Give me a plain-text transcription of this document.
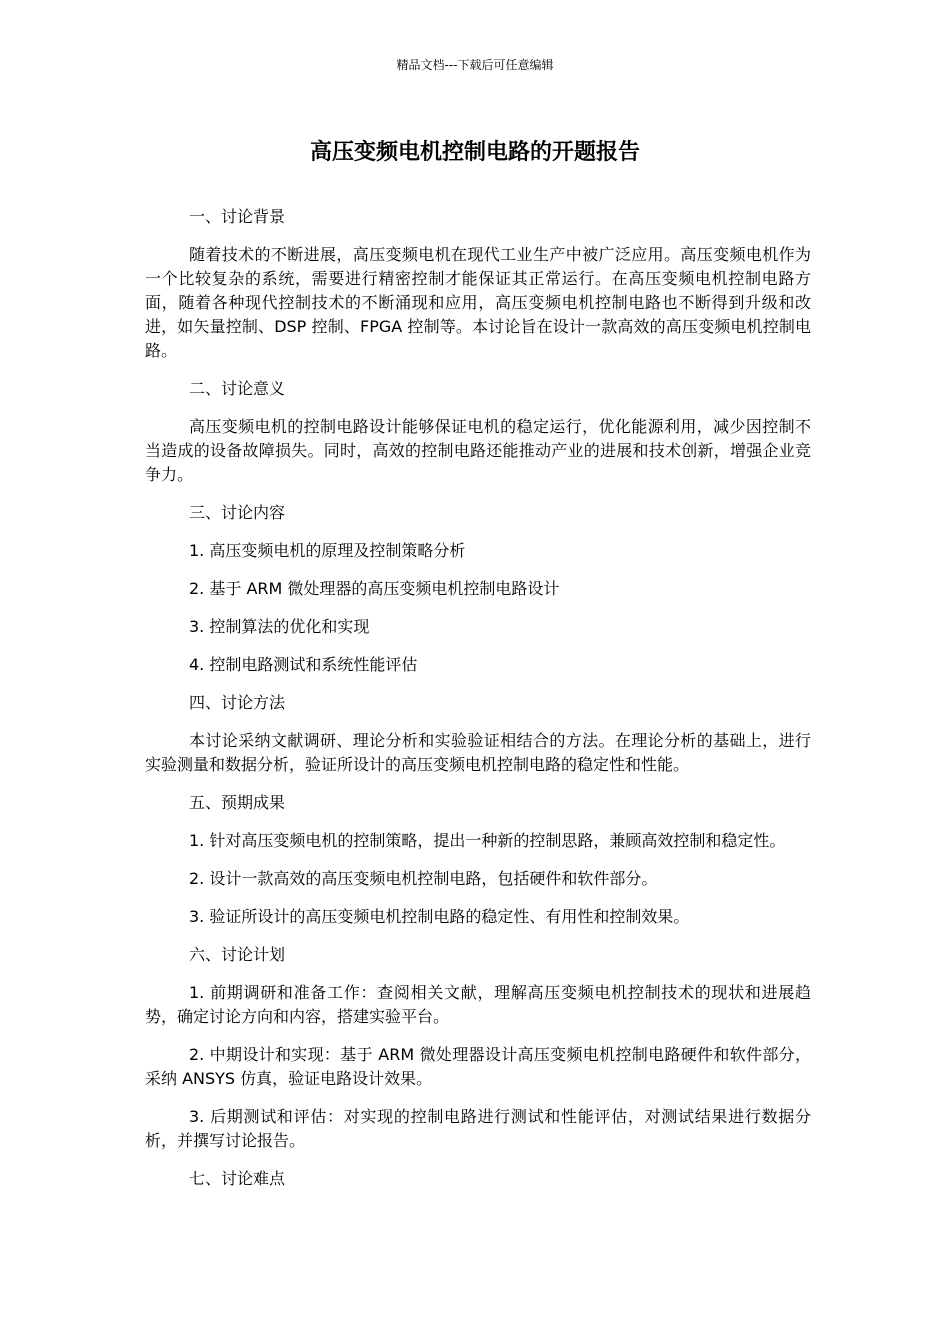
精品文档---下载后可任意编辑
高压变频电机控制电路的开题报告

一、讨论背景

随着技术的不断进展，高压变频电机在现代工业生产中被广泛应用。高压变频电机作为一个比较复杂的系统，需要进行精密控制才能保证其正常运行。在高压变频电机控制电路方面，随着各种现代控制技术的不断涌现和应用，高压变频电机控制电路也不断得到升级和改进，如矢量控制、DSP 控制、FPGA 控制等。本讨论旨在设计一款高效的高压变频电机控制电路。

二、讨论意义

高压变频电机的控制电路设计能够保证电机的稳定运行，优化能源利用，减少因控制不当造成的设备故障损失。同时，高效的控制电路还能推动产业的进展和技术创新，增强企业竞争力。

三、讨论内容

1. 高压变频电机的原理及控制策略分析

2. 基于 ARM 微处理器的高压变频电机控制电路设计

3. 控制算法的优化和实现

4. 控制电路测试和系统性能评估

四、讨论方法

本讨论采纳文献调研、理论分析和实验验证相结合的方法。在理论分析的基础上，进行实验测量和数据分析，验证所设计的高压变频电机控制电路的稳定性和性能。

五、预期成果

1. 针对高压变频电机的控制策略，提出一种新的控制思路，兼顾高效控制和稳定性。

2. 设计一款高效的高压变频电机控制电路，包括硬件和软件部分。

3. 验证所设计的高压变频电机控制电路的稳定性、有用性和控制效果。

六、讨论计划

1. 前期调研和准备工作：查阅相关文献，理解高压变频电机控制技术的现状和进展趋势，确定讨论方向和内容，搭建实验平台。

2. 中期设计和实现：基于 ARM 微处理器设计高压变频电机控制电路硬件和软件部分，采纳 ANSYS 仿真，验证电路设计效果。

3. 后期测试和评估：对实现的控制电路进行测试和性能评估，对测试结果进行数据分析，并撰写讨论报告。

七、讨论难点
